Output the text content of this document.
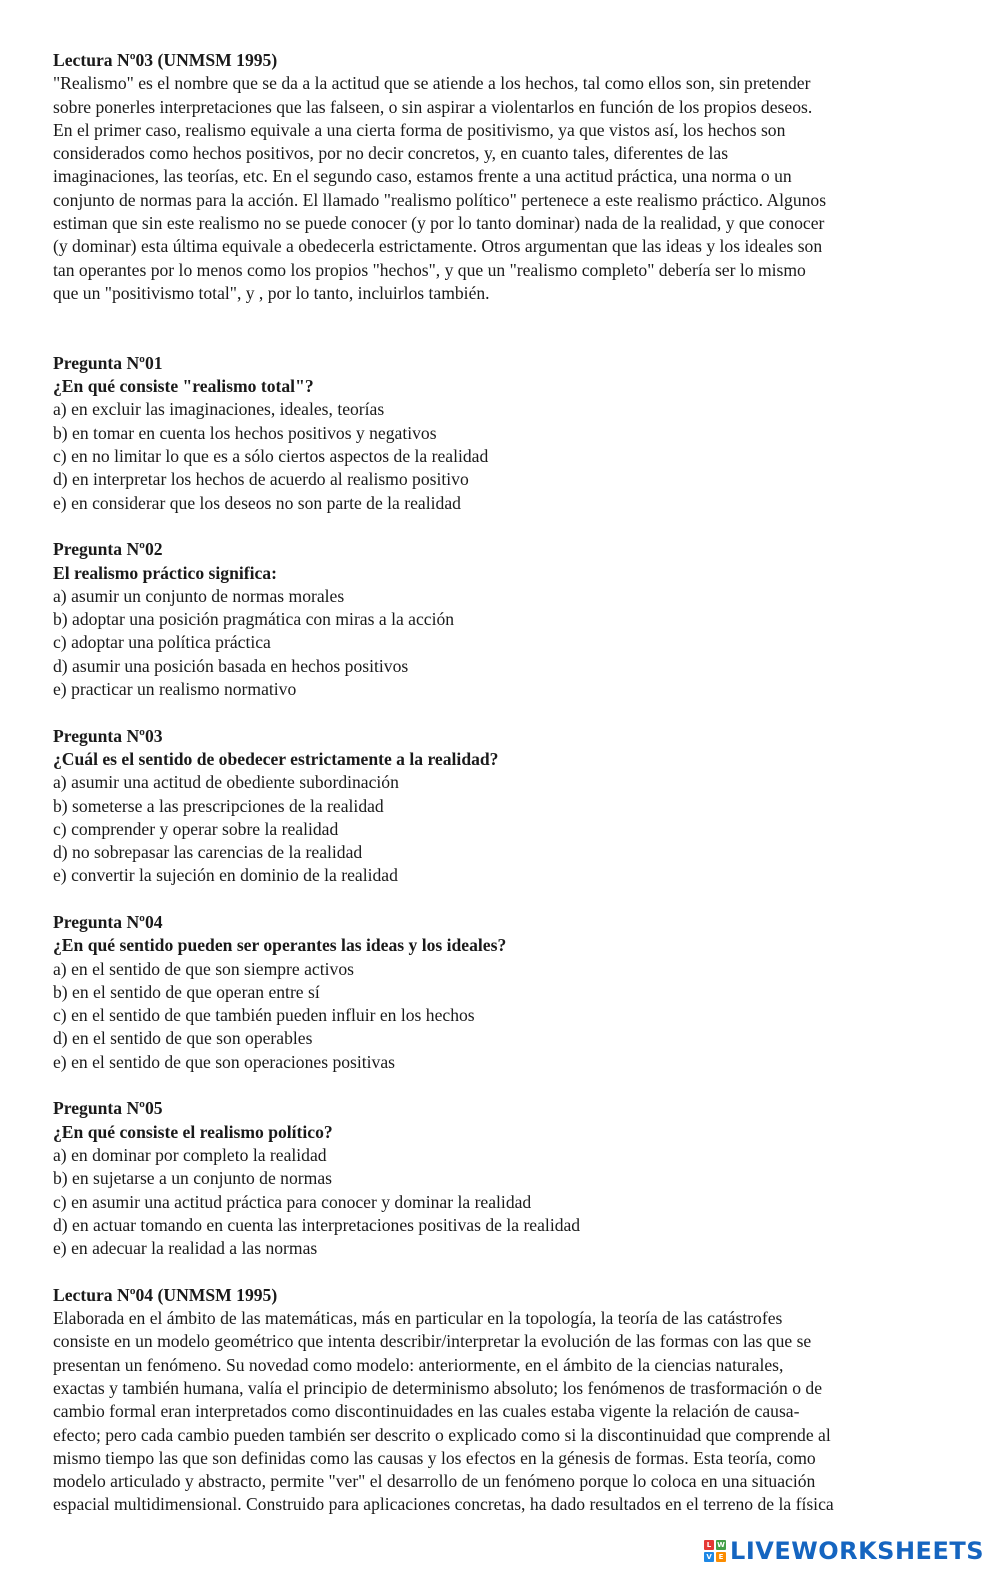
Lectura Nº03 (UNMSM 1995)
"Realismo" es el nombre que se da a la actitud que se atiende a los hechos, tal como ellos son, sin pretender
sobre ponerles interpretaciones que las falseen, o sin aspirar a violentarlos en función de los propios deseos.
En el primer caso, realismo equivale a una cierta forma de positivismo, ya que vistos así, los hechos son
considerados como hechos positivos, por no decir concretos, y, en cuanto tales, diferentes de las
imaginaciones, las teorías, etc. En el segundo caso, estamos frente a una actitud práctica, una norma o un
conjunto de normas para la acción. El llamado "realismo político" pertenece a este realismo práctico. Algunos
estiman que sin este realismo no se puede conocer (y por lo tanto dominar) nada de la realidad, y que conocer
(y dominar) esta última equivale a obedecerla estrictamente. Otros argumentan que las ideas y los ideales son
tan operantes por lo menos como los propios "hechos", y que un "realismo completo" debería ser lo mismo
que un "positivismo total", y , por lo tanto, incluirlos también.
Pregunta Nº01
¿En qué consiste "realismo total"?
a) en excluir las imaginaciones, ideales, teorías
b) en tomar en cuenta los hechos positivos y negativos
c) en no limitar lo que es a sólo ciertos aspectos de la realidad
d) en interpretar los hechos de acuerdo al realismo positivo
e) en considerar que los deseos no son parte de la realidad
Pregunta Nº02
El realismo práctico significa:
a) asumir un conjunto de normas morales
b) adoptar una posición pragmática con miras a la acción
c) adoptar una política práctica
d) asumir una posición basada en hechos positivos
e) practicar un realismo normativo
Pregunta Nº03
¿Cuál es el sentido de obedecer estrictamente a la realidad?
a) asumir una actitud de obediente subordinación
b) someterse a las prescripciones de la realidad
c) comprender y operar sobre la realidad
d) no sobrepasar las carencias de la realidad
e) convertir la sujeción en dominio de la realidad
Pregunta Nº04
¿En qué sentido pueden ser operantes las ideas y los ideales?
a) en el sentido de que son siempre activos
b) en el sentido de que operan entre sí
c) en el sentido de que también pueden influir en los hechos
d) en el sentido de que son operables
e) en el sentido de que son operaciones positivas
Pregunta Nº05
¿En qué consiste el realismo político?
a) en dominar por completo la realidad
b) en sujetarse a un conjunto de normas
c) en asumir una actitud práctica para conocer y dominar la realidad
d) en actuar tomando en cuenta las interpretaciones positivas de la realidad
e) en adecuar la realidad a las normas
Lectura Nº04 (UNMSM 1995)
Elaborada en el ámbito de las matemáticas, más en particular en la topología, la teoría de las catástrofes
consiste en un modelo geométrico que intenta describir/interpretar la evolución de las formas con las que se
presentan un fenómeno. Su novedad como modelo: anteriormente, en el ámbito de la ciencias naturales,
exactas y también humana, valía el principio de determinismo absoluto; los fenómenos de trasformación o de
cambio formal eran interpretados como discontinuidades en las cuales estaba vigente la relación de causa-
efecto; pero cada cambio pueden también ser descrito o explicado como si la discontinuidad que comprende al
mismo tiempo las que son definidas como las causas y los efectos en la génesis de formas. Esta teoría, como
modelo articulado y abstracto, permite "ver" el desarrollo de un fenómeno porque lo coloca en una situación
espacial multidimensional. Construido para aplicaciones concretas, ha dado resultados en el terreno de la física
L W
V E LIVEWORKSHEETS
